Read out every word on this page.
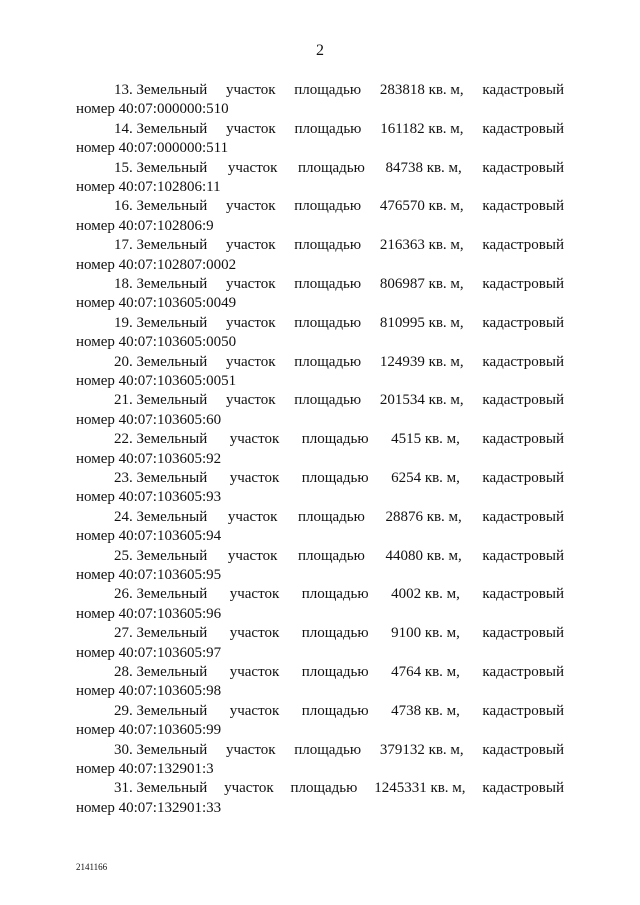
2
13. Земельный участок площадью 283818 кв. м, кадастровый
номер 40:07:000000:510
14. Земельный участок площадью 161182 кв. м, кадастровый
номер 40:07:000000:511
15. Земельный участок площадью 84738 кв. м, кадастровый
номер 40:07:102806:11
16. Земельный участок площадью 476570 кв. м, кадастровый
номер 40:07:102806:9
17. Земельный участок площадью 216363 кв. м, кадастровый
номер 40:07:102807:0002
18. Земельный участок площадью 806987 кв. м, кадастровый
номер 40:07:103605:0049
19. Земельный участок площадью 810995 кв. м, кадастровый
номер 40:07:103605:0050
20. Земельный участок площадью 124939 кв. м, кадастровый
номер 40:07:103605:0051
21. Земельный участок площадью 201534 кв. м, кадастровый
номер 40:07:103605:60
22. Земельный участок площадью 4515 кв. м, кадастровый
номер 40:07:103605:92
23. Земельный участок площадью 6254 кв. м, кадастровый
номер 40:07:103605:93
24. Земельный участок площадью 28876 кв. м, кадастровый
номер 40:07:103605:94
25. Земельный участок площадью 44080 кв. м, кадастровый
номер 40:07:103605:95
26. Земельный участок площадью 4002 кв. м, кадастровый
номер 40:07:103605:96
27. Земельный участок площадью 9100 кв. м, кадастровый
номер 40:07:103605:97
28. Земельный участок площадью 4764 кв. м, кадастровый
номер 40:07:103605:98
29. Земельный участок площадью 4738 кв. м, кадастровый
номер 40:07:103605:99
30. Земельный участок площадью 379132 кв. м, кадастровый
номер 40:07:132901:3
31. Земельный участок площадью 1245331 кв. м, кадастровый
номер 40:07:132901:33
2141166
